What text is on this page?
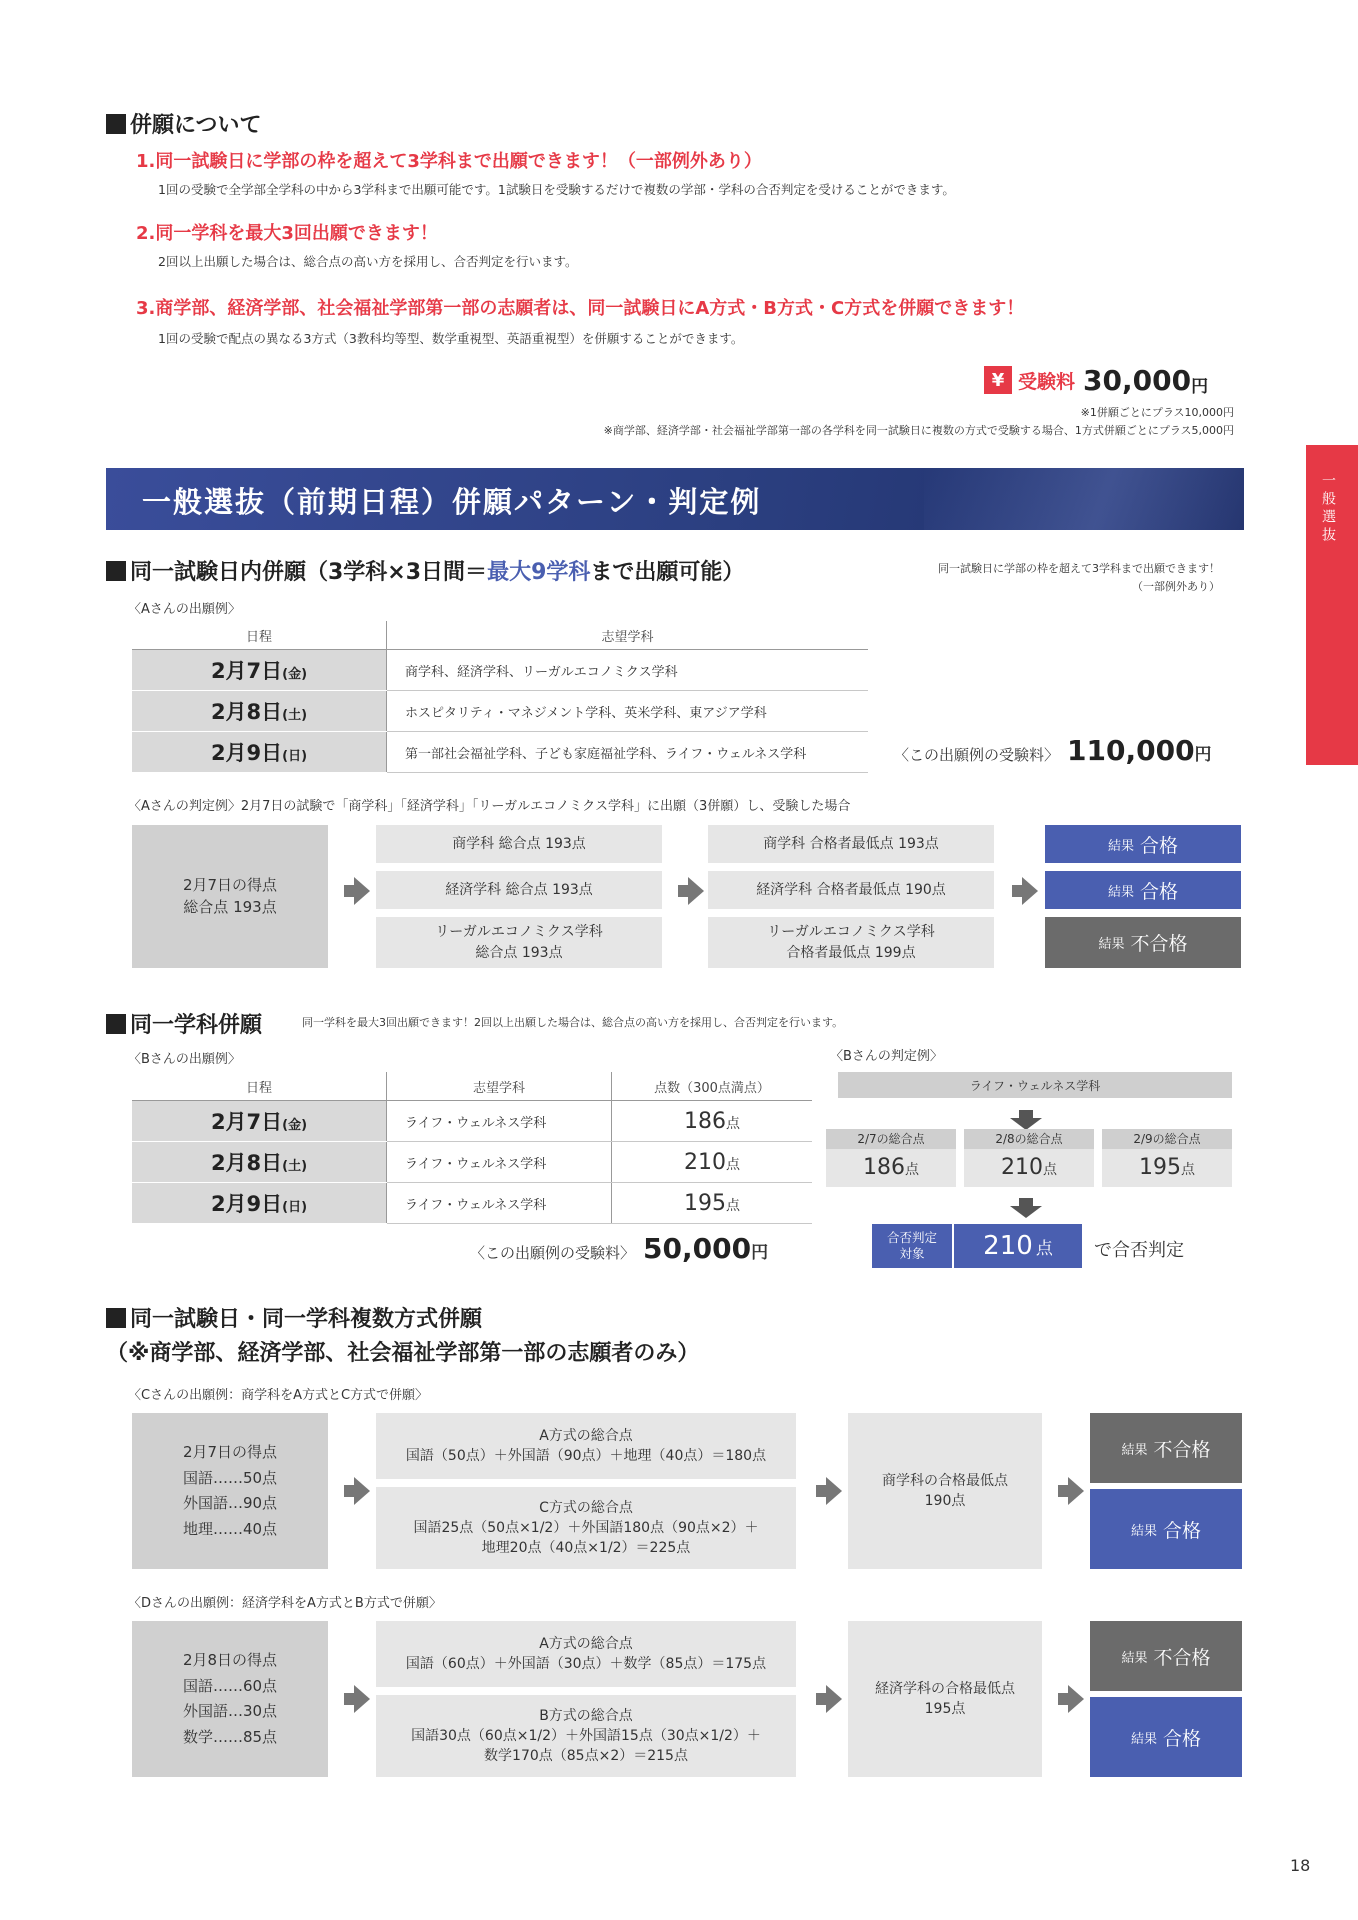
併願について
1.同一試験日に学部の枠を超えて3学科まで出願できます！（一部例外あり）
1回の受験で全学部全学科の中から3学科まで出願可能です。1試験日を受験するだけで複数の学部・学科の合否判定を受けることができます。
2.同一学科を最大3回出願できます！
2回以上出願した場合は、総合点の高い方を採用し、合否判定を行います。
3.商学部、経済学部、社会福祉学部第一部の志願者は、同一試験日にA方式・B方式・C方式を併願できます！
1回の受験で配点の異なる3方式（3教科均等型、数学重視型、英語重視型）を併願することができます。
¥ 受験料 30,000 円
※1併願ごとにプラス10,000円
※商学部、経済学部・社会福祉学部第一部の各学科を同一試験日に複数の方式で受験する場合、1方式併願ごとにプラス5,000円
一般選抜（前期日程）併願パターン・判定例	一般選抜
同一試験日内併願（3学科×3日間＝最大9学科まで出願可能）	同一試験日に学部の枠を超えて3学科まで出願できます！
（一部例外あり）
〈Aさんの出願例〉
日程	志望学科
2月7日(金)	商学科、経済学科、リーガルエコノミクス学科
2月8日(土)	ホスピタリティ・マネジメント学科、英米学科、東アジア学科
2月9日(日)	第一部社会福祉学科、子ども家庭福祉学科、ライフ・ウェルネス学科	〈この出願例の受験料〉 110,000 円
〈Aさんの判定例〉2月7日の試験で「商学科」「経済学科」「リーガルエコノミクス学科」に出願（3併願）し、受験した場合
2月7日の得点
総合点 193点
商学科 総合点 193点
経済学科 総合点 193点
リーガルエコノミクス学科
総合点 193点
商学科 合格者最低点 193点
経済学科 合格者最低点 190点
リーガルエコノミクス学科
合格者最低点 199点
結果 合格
結果 合格
結果 不合格
同一学科併願	同一学科を最大3回出願できます！2回以上出願した場合は、総合点の高い方を採用し、合否判定を行います。
〈Bさんの出願例〉
日程	志望学科	点数（300点満点）
2月7日(金)	ライフ・ウェルネス学科	186点
2月8日(土)	ライフ・ウェルネス学科	210点
2月9日(日)	ライフ・ウェルネス学科	195点
〈この出願例の受験料〉 50,000 円
〈Bさんの判定例〉
ライフ・ウェルネス学科
2/7の総合点
186点
2/8の総合点
210点
2/9の総合点
195点
合否判定
対象	210 点 で合否判定
同一試験日・同一学科複数方式併願
（※商学部、経済学部、社会福祉学部第一部の志願者のみ）
〈Cさんの出願例：商学科をA方式とC方式で併願〉
2月7日の得点
国語……50点
外国語…90点
地理……40点
A方式の総合点
国語（50点）＋外国語（90点）＋地理（40点）＝180点
C方式の総合点
国語25点（50点×1/2）＋外国語180点（90点×2）＋
地理20点（40点×1/2）＝225点
商学科の合格最低点
190点
結果 不合格
結果 合格
〈Dさんの出願例：経済学科をA方式とB方式で併願〉
2月8日の得点
国語……60点
外国語…30点
数学……85点
A方式の総合点
国語（60点）＋外国語（30点）＋数学（85点）＝175点
B方式の総合点
国語30点（60点×1/2）＋外国語15点（30点×1/2）＋
数学170点（85点×2）＝215点
経済学科の合格最低点
195点
結果 不合格
結果 合格
18
